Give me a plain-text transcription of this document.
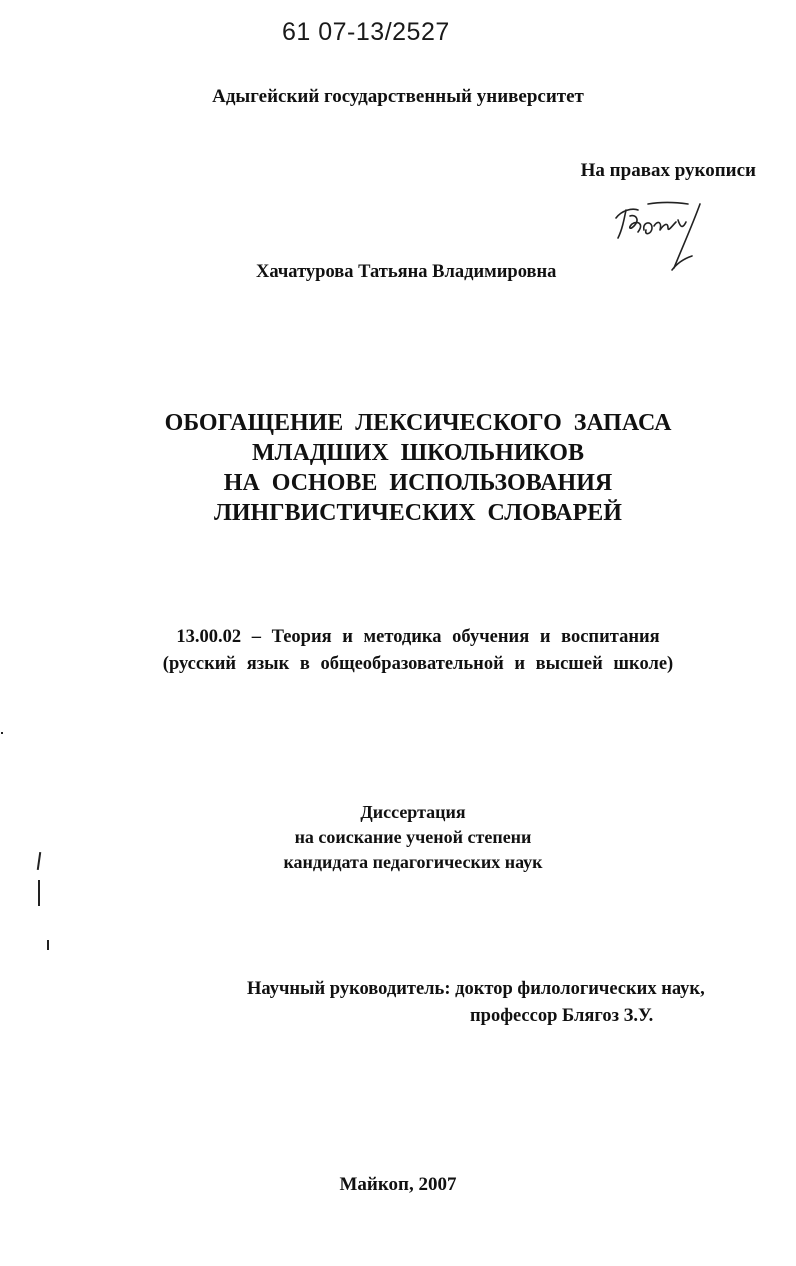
61 07-13/2527
Адыгейский государственный университет
На правах рукописи
Хачатурова Татьяна Владимировна
ОБОГАЩЕНИЕ ЛЕКСИЧЕСКОГО ЗАПАСА
МЛАДШИХ ШКОЛЬНИКОВ
НА ОСНОВЕ ИСПОЛЬЗОВАНИЯ
ЛИНГВИСТИЧЕСКИХ СЛОВАРЕЙ
13.00.02 – Теория и методика обучения и воспитания
(русский язык в общеобразовательной и высшей школе)
Диссертация
на соискание ученой степени
кандидата педагогических наук
Научный руководитель: доктор филологических наук,
профессор Блягоз З.У.
Майкоп, 2007
